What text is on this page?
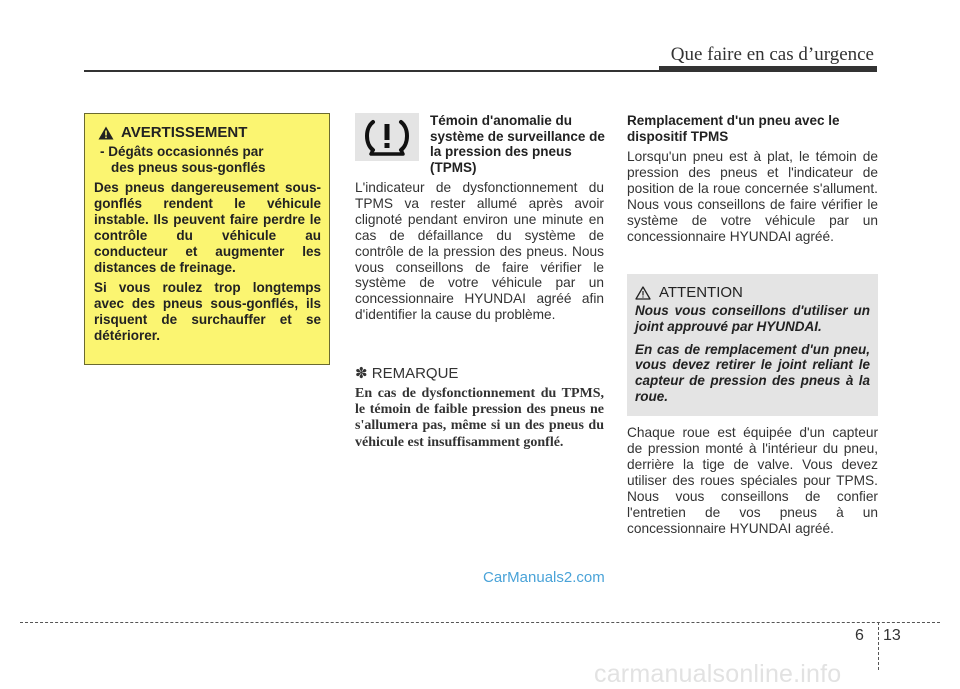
Que faire en cas d’urgence
AVERTISSEMENT
- Dégâts occasionnés par
des pneus sous-gonflés

Des pneus dangereusement sous-gonflés rendent le véhicule instable. Ils peuvent faire perdre le contrôle du véhicule au conducteur et augmenter les distances de freinage.

Si vous roulez trop longtemps avec des pneus sous-gonflés, ils risquent de surchauffer et se détériorer.

Témoin d'anomalie du système de surveillance de la pression des pneus (TPMS)

L'indicateur de dysfonctionnement du TPMS va rester allumé après avoir clignoté pendant environ une minute en cas de défaillance du système de contrôle de la pression des pneus. Nous vous conseillons de faire vérifier le système de votre véhicule par un concessionnaire HYUNDAI agréé afin d'identifier la cause du problème.

✽ REMARQUE

En cas de dysfonctionnement du TPMS, le témoin de faible pression des pneus ne s'allumera pas, même si un des pneus du véhicule est insuffisamment gonflé.

Remplacement d'un pneu avec le dispositif TPMS

Lorsqu'un pneu est à plat, le témoin de pression des pneus et l'indicateur de position de la roue concernée s'allument. Nous vous conseillons de faire vérifier le système de votre véhicule par un concessionnaire HYUNDAI agréé.

ATTENTION

Nous vous conseillons d'utiliser un joint approuvé par HYUNDAI.

En cas de remplacement d'un pneu, vous devez retirer le joint reliant le capteur de pression des pneus à la roue.

Chaque roue est équipée d'un capteur de pression monté à l'intérieur du pneu, derrière la tige de valve. Vous devez utiliser des roues spéciales pour TPMS. Nous vous conseillons de confier l'entretien de vos pneus à un concessionnaire HYUNDAI agréé.

CarManuals2.com
6 13
carmanualsonline.info
